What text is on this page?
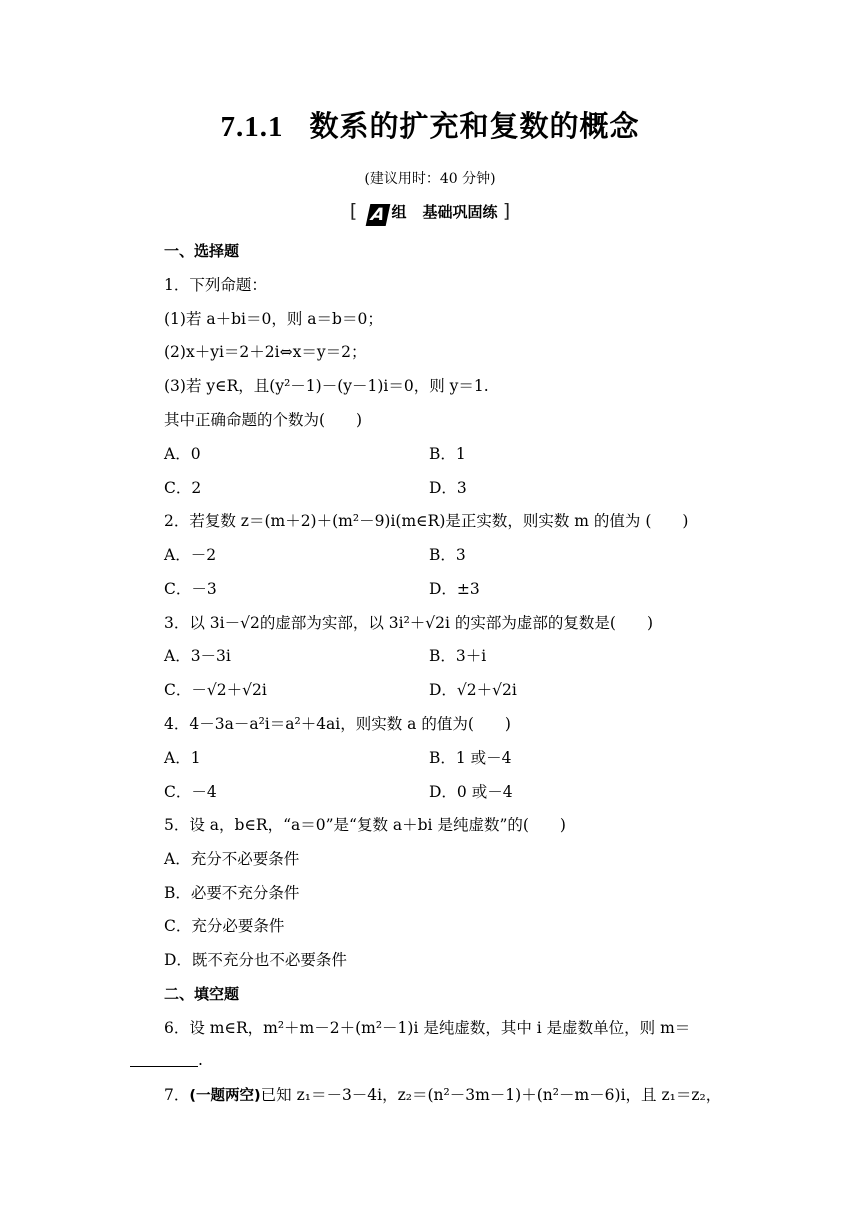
7.1.1 数系的扩充和复数的概念
(建议用时：40 分钟)
[ A 组 基础巩固练 ]
一、选择题
1．下列命题：
(1)若 a＋bi＝0，则 a＝b＝0；
(2)x＋yi＝2＋2i⇔x＝y＝2；
(3)若 y∈R，且(y²－1)－(y－1)i＝0，则 y＝1.
其中正确命题的个数为(　　)
A．0	B．1
C．2	D．3
2．若复数 z＝(m＋2)＋(m²－9)i(m∈R)是正实数，则实数 m 的值为 (　　)
A．－2	B．3
C．－3	D．±3
3．以 3i－√2的虚部为实部，以 3i²＋√2i 的实部为虚部的复数是(　　)
A．3－3i	B．3＋i
C．－√2＋√2i	D．√2＋√2i
4．4－3a－a²i＝a²＋4ai，则实数 a 的值为(　　)
A．1	B．1 或－4
C．－4	D．0 或－4
5．设 a，b∈R，“a＝0”是“复数 a＋bi 是纯虚数”的(　　)
A．充分不必要条件
B．必要不充分条件
C．充分必要条件
D．既不充分也不必要条件
二、填空题
6．设 m∈R，m²＋m－2＋(m²－1)i 是纯虚数，其中 i 是虚数单位，则 m＝
.
7．(一题两空)已知 z₁＝－3－4i，z₂＝(n²－3m－1)＋(n²－m－6)i，且 z₁＝z₂，
